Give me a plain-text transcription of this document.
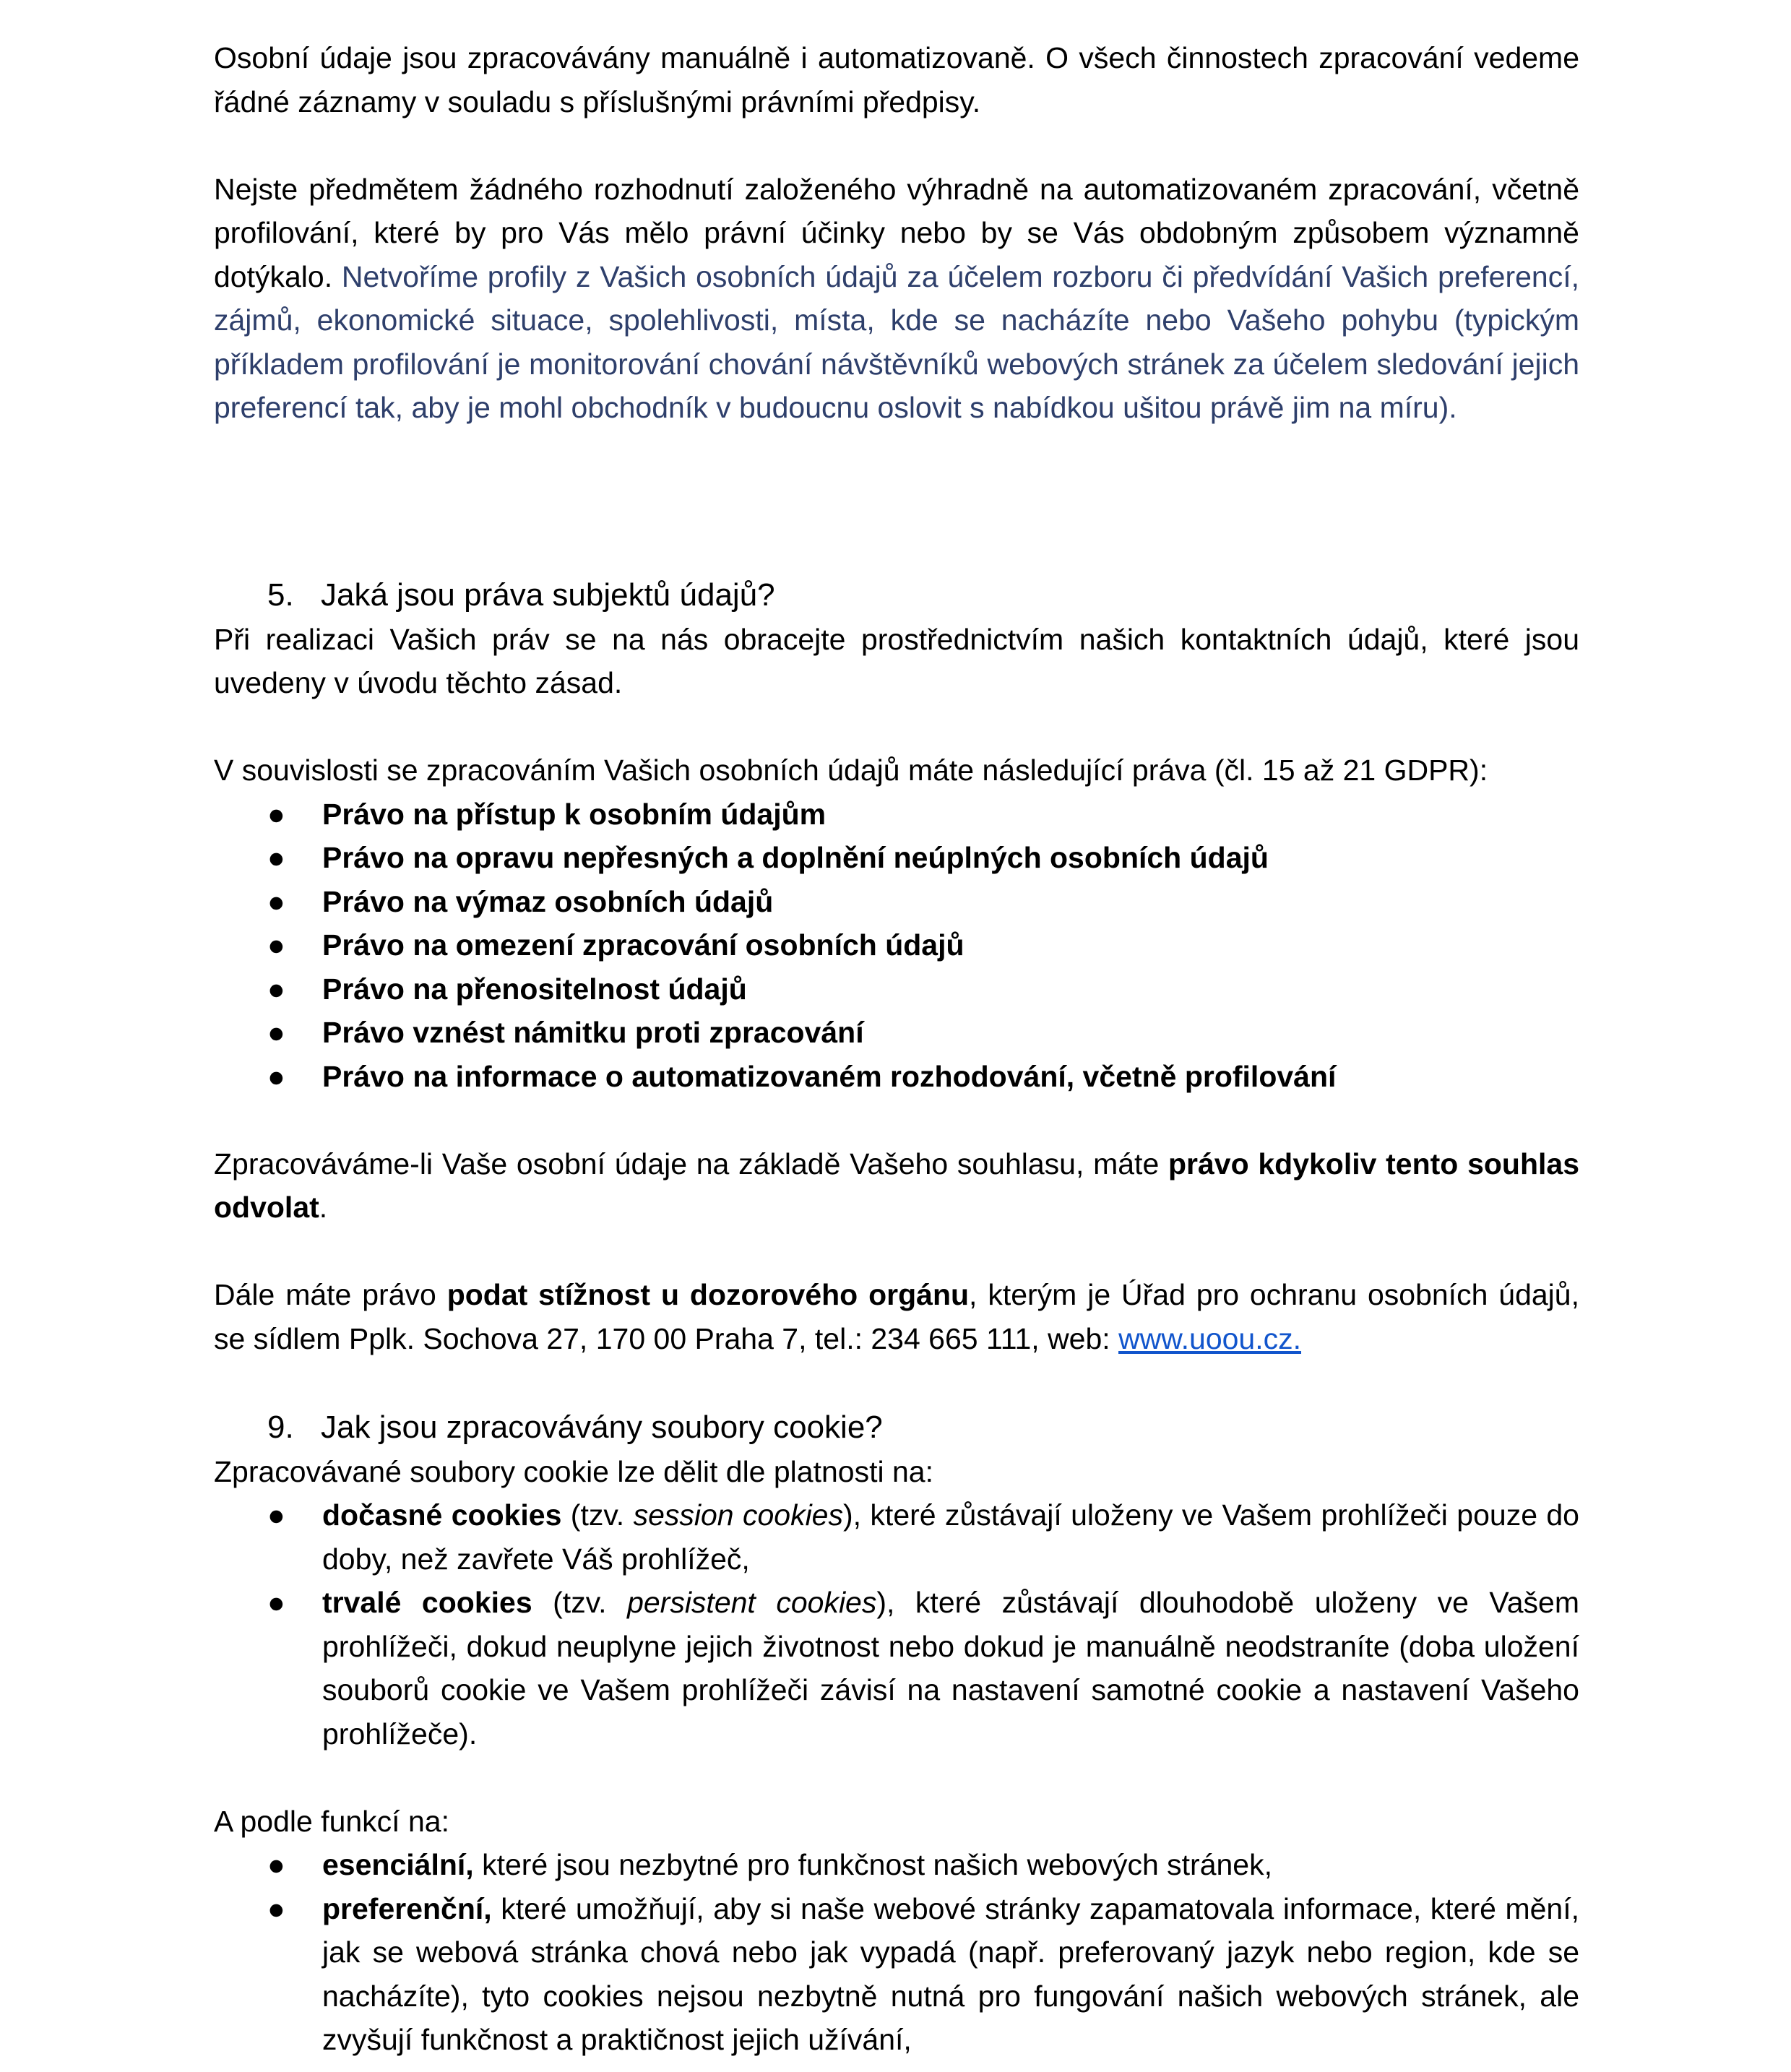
Osobní údaje jsou zpracovávány manuálně i automatizovaně. O všech činnostech zpracování vedeme řádné záznamy v souladu s příslušnými právními předpisy.

Nejste předmětem žádného rozhodnutí založeného výhradně na automatizovaném zpracování, včetně profilování, které by pro Vás mělo právní účinky nebo by se Vás obdobným způsobem významně dotýkalo. Netvoříme profily z Vašich osobních údajů za účelem rozboru či předvídání Vašich preferencí, zájmů, ekonomické situace, spolehlivosti, místa, kde se nacházíte nebo Vašeho pohybu (typickým příkladem profilování je monitorování chování návštěvníků webových stránek za účelem sledování jejich preferencí tak, aby je mohl obchodník v budoucnu oslovit s nabídkou ušitou právě jim na míru).

5. Jaká jsou práva subjektů údajů?

Při realizaci Vašich práv se na nás obracejte prostřednictvím našich kontaktních údajů, které jsou uvedeny v úvodu těchto zásad.

V souvislosti se zpracováním Vašich osobních údajů máte následující práva (čl. 15 až 21 GDPR):

●	Právo na přístup k osobním údajům
●	Právo na opravu nepřesných a doplnění neúplných osobních údajů
●	Právo na výmaz osobních údajů
●	Právo na omezení zpracování osobních údajů
●	Právo na přenositelnost údajů
●	Právo vznést námitku proti zpracování
●	Právo na informace o automatizovaném rozhodování, včetně profilování

Zpracováváme-li Vaše osobní údaje na základě Vašeho souhlasu, máte právo kdykoliv tento souhlas odvolat.

Dále máte právo podat stížnost u dozorového orgánu, kterým je Úřad pro ochranu osobních údajů, se sídlem Pplk. Sochova 27, 170 00 Praha 7, tel.: 234 665 111, web: www.uoou.cz.

9. Jak jsou zpracovávány soubory cookie?

Zpracovávané soubory cookie lze dělit dle platnosti na:

●	dočasné cookies (tzv. session cookies), které zůstávají uloženy ve Vašem prohlížeči pouze do doby, než zavřete Váš prohlížeč,
●	trvalé cookies (tzv. persistent cookies), které zůstávají dlouhodobě uloženy ve Vašem prohlížeči, dokud neuplyne jejich životnost nebo dokud je manuálně neodstraníte (doba uložení souborů cookie ve Vašem prohlížeči závisí na nastavení samotné cookie a nastavení Vašeho prohlížeče).

A podle funkcí na:

●	esenciální, které jsou nezbytné pro funkčnost našich webových stránek,
●	preferenční, které umožňují, aby si naše webové stránky zapamatovala informace, které mění, jak se webová stránka chová nebo jak vypadá (např. preferovaný jazyk nebo region, kde se nacházíte), tyto cookies nejsou nezbytně nutná pro fungování našich webových stránek, ale zvyšují funkčnost a praktičnost jejich užívání,
